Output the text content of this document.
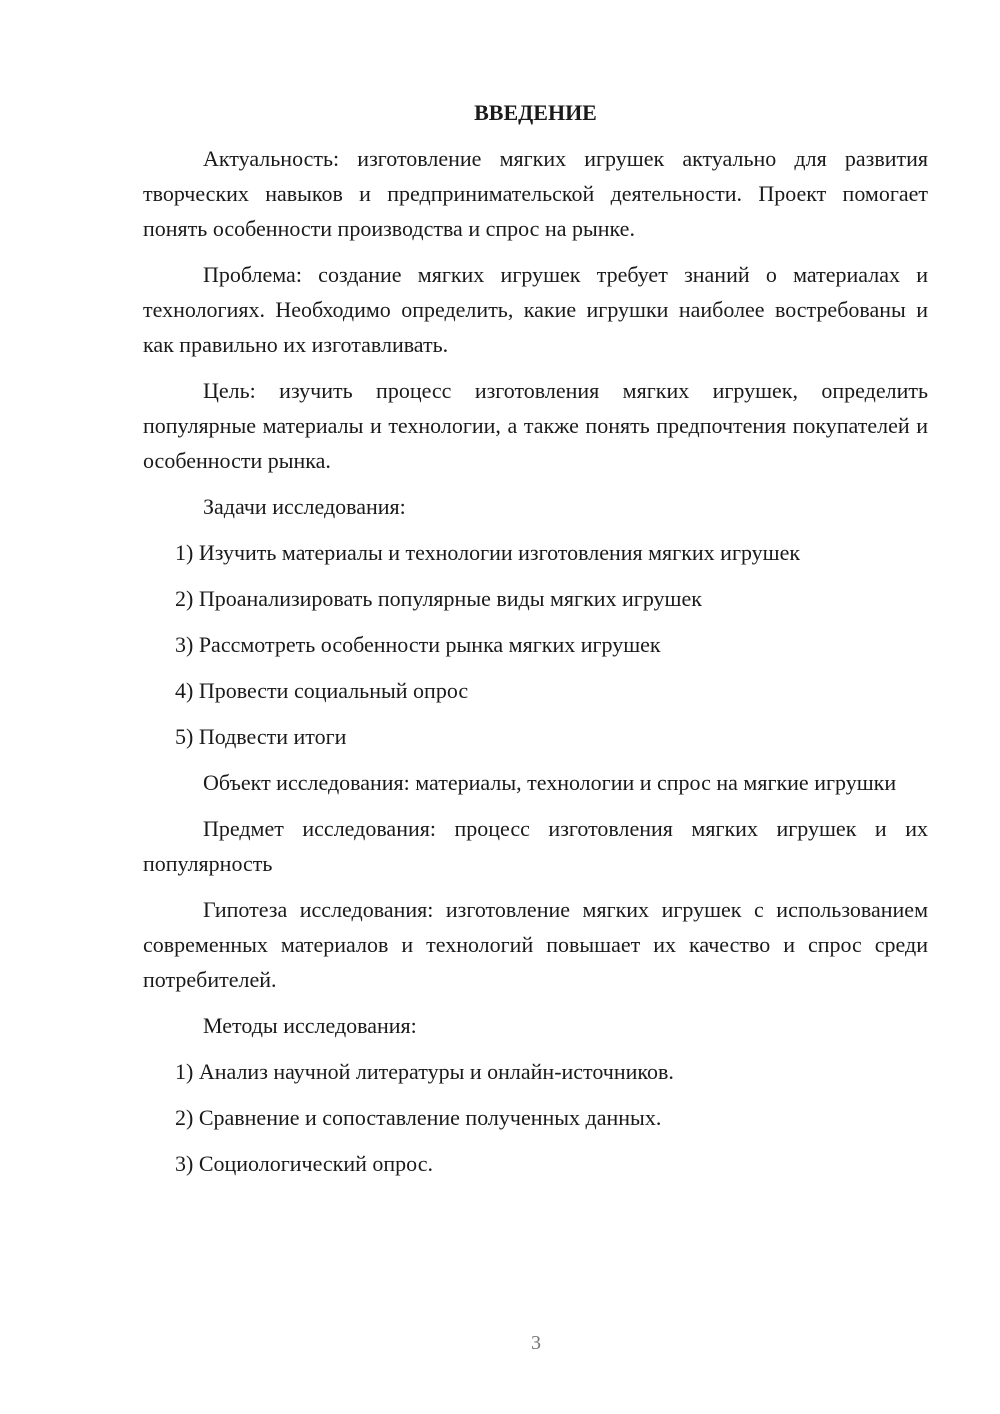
ВВЕДЕНИЕ

Актуальность: изготовление мягких игрушек актуально для развития творческих навыков и предпринимательской деятельности. Проект помогает понять особенности производства и спрос на рынке.

Проблема: создание мягких игрушек требует знаний о материалах и технологиях. Необходимо определить, какие игрушки наиболее востребованы и как правильно их изготавливать.

Цель: изучить процесс изготовления мягких игрушек, определить популярные материалы и технологии, а также понять предпочтения покупателей и особенности рынка.

Задачи исследования:

1) Изучить материалы и технологии изготовления мягких игрушек

2) Проанализировать популярные виды мягких игрушек

3) Рассмотреть особенности рынка мягких игрушек

4) Провести социальный опрос

5) Подвести итоги

Объект исследования: материалы, технологии и спрос на мягкие игрушки

Предмет исследования: процесс изготовления мягких игрушек и их популярность

Гипотеза исследования: изготовление мягких игрушек с использованием современных материалов и технологий повышает их качество и спрос среди потребителей.

Методы исследования:

1) Анализ научной литературы и онлайн-источников.

2) Сравнение и сопоставление полученных данных.

3) Социологический опрос.

3
